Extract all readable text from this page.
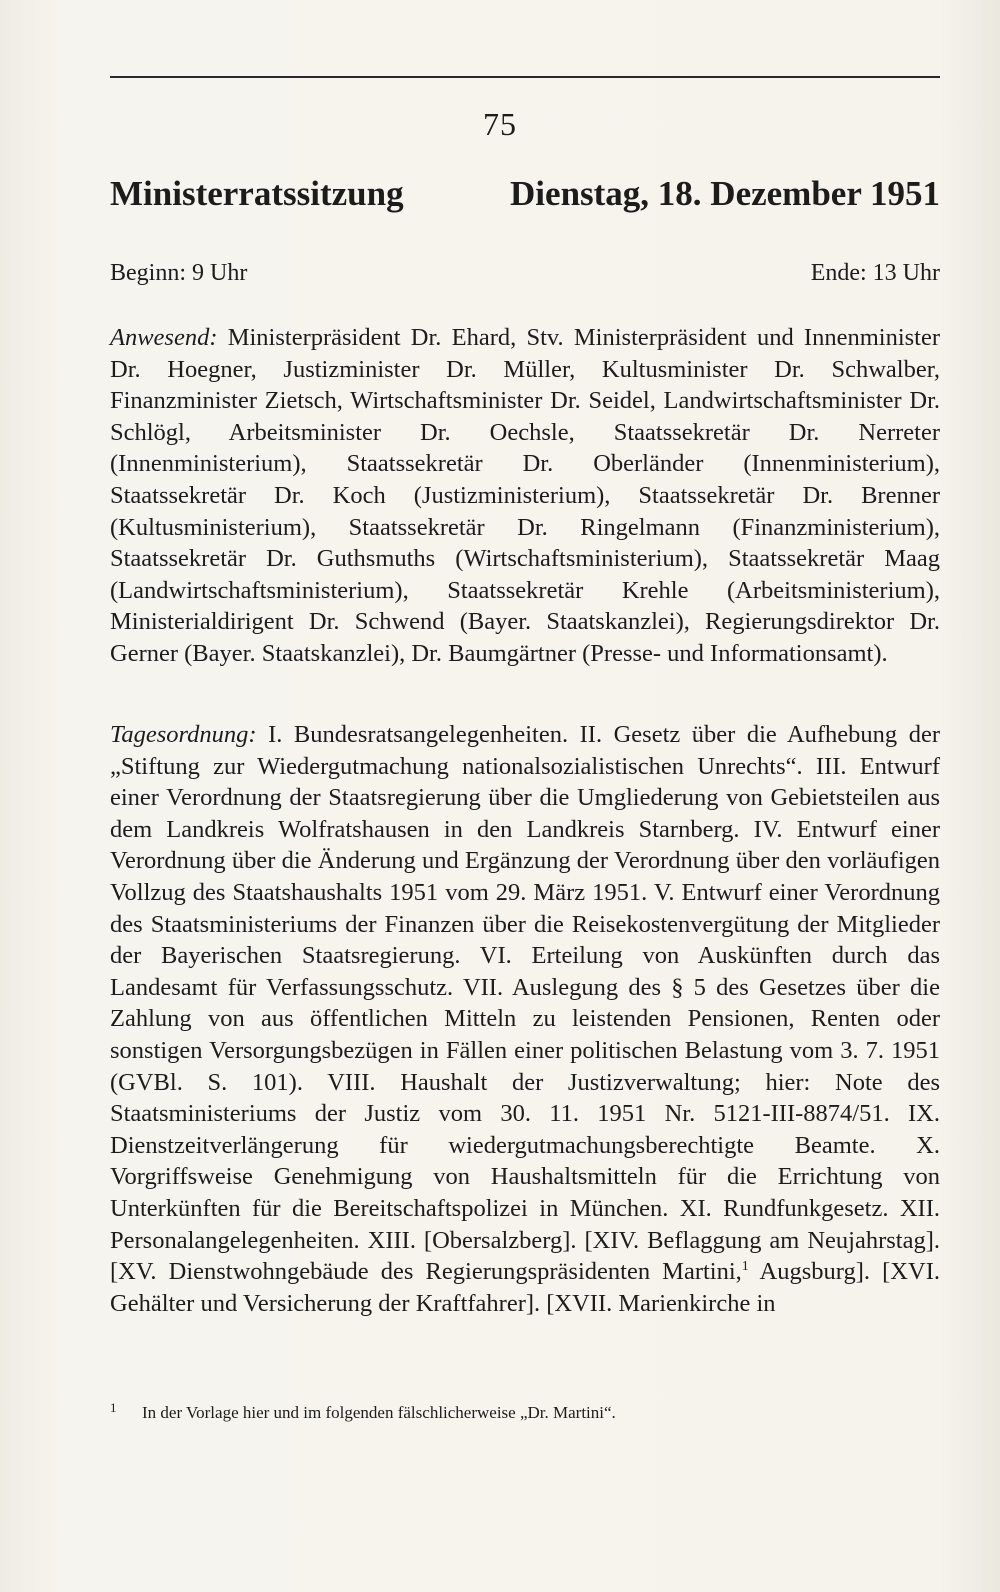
75
Ministerratssitzung	Dienstag, 18. Dezember 1951
Beginn: 9 Uhr	Ende: 13 Uhr

Anwesend: Ministerpräsident Dr. Ehard, Stv. Ministerpräsident und Innenminister Dr. Hoegner, Justizminister Dr. Müller, Kultusminister Dr. Schwalber, Finanzminister Zietsch, Wirtschaftsminister Dr. Seidel, Landwirtschaftsminister Dr. Schlögl, Arbeitsminister Dr. Oechsle, Staatssekretär Dr. Nerreter (Innenministerium), Staatssekretär Dr. Oberländer (Innenministerium), Staatssekretär Dr. Koch (Justizministerium), Staatssekretär Dr. Brenner (Kultusministerium), Staatssekretär Dr. Ringelmann (Finanzministerium), Staatssekretär Dr. Guthsmuths (Wirtschaftsministerium), Staatssekretär Maag (Landwirtschaftsministerium), Staatssekretär Krehle (Arbeitsministerium), Ministerialdirigent Dr. Schwend (Bayer. Staatskanzlei), Regierungsdirektor Dr. Gerner (Bayer. Staatskanzlei), Dr. Baumgärtner (Presse- und Informationsamt).

Tagesordnung: I. Bundesratsangelegenheiten. II. Gesetz über die Aufhebung der „Stiftung zur Wiedergutmachung nationalsozialistischen Unrechts“. III. Entwurf einer Verordnung der Staatsregierung über die Umgliederung von Gebietsteilen aus dem Landkreis Wolfratshausen in den Landkreis Starnberg. IV. Entwurf einer Verordnung über die Änderung und Ergänzung der Verordnung über den vorläufigen Vollzug des Staatshaushalts 1951 vom 29. März 1951. V. Entwurf einer Verordnung des Staatsministeriums der Finanzen über die Reisekostenvergütung der Mitglieder der Bayerischen Staatsregierung. VI. Erteilung von Auskünften durch das Landesamt für Verfassungsschutz. VII. Auslegung des § 5 des Gesetzes über die Zahlung von aus öffentlichen Mitteln zu leistenden Pensionen, Renten oder sonstigen Versorgungsbezügen in Fällen einer politischen Belastung vom 3. 7. 1951 (GVBl. S. 101). VIII. Haushalt der Justizverwaltung; hier: Note des Staatsministeriums der Justiz vom 30. 11. 1951 Nr. 5121-III-8874/51. IX. Dienstzeitverlängerung für wiedergutmachungsberechtigte Beamte. X. Vorgriffsweise Genehmigung von Haushaltsmitteln für die Errichtung von Unterkünften für die Bereitschaftspolizei in München. XI. Rundfunkgesetz. XII. Personalangelegenheiten. XIII. [Obersalzberg]. [XIV. Beflaggung am Neujahrstag]. [XV. Dienstwohngebäude des Regierungspräsidenten Martini,$^1$ Augsburg]. [XVI. Gehälter und Versicherung der Kraftfahrer]. [XVII. Marienkirche in

1	In der Vorlage hier und im folgenden fälschlicherweise „Dr. Martini“.
